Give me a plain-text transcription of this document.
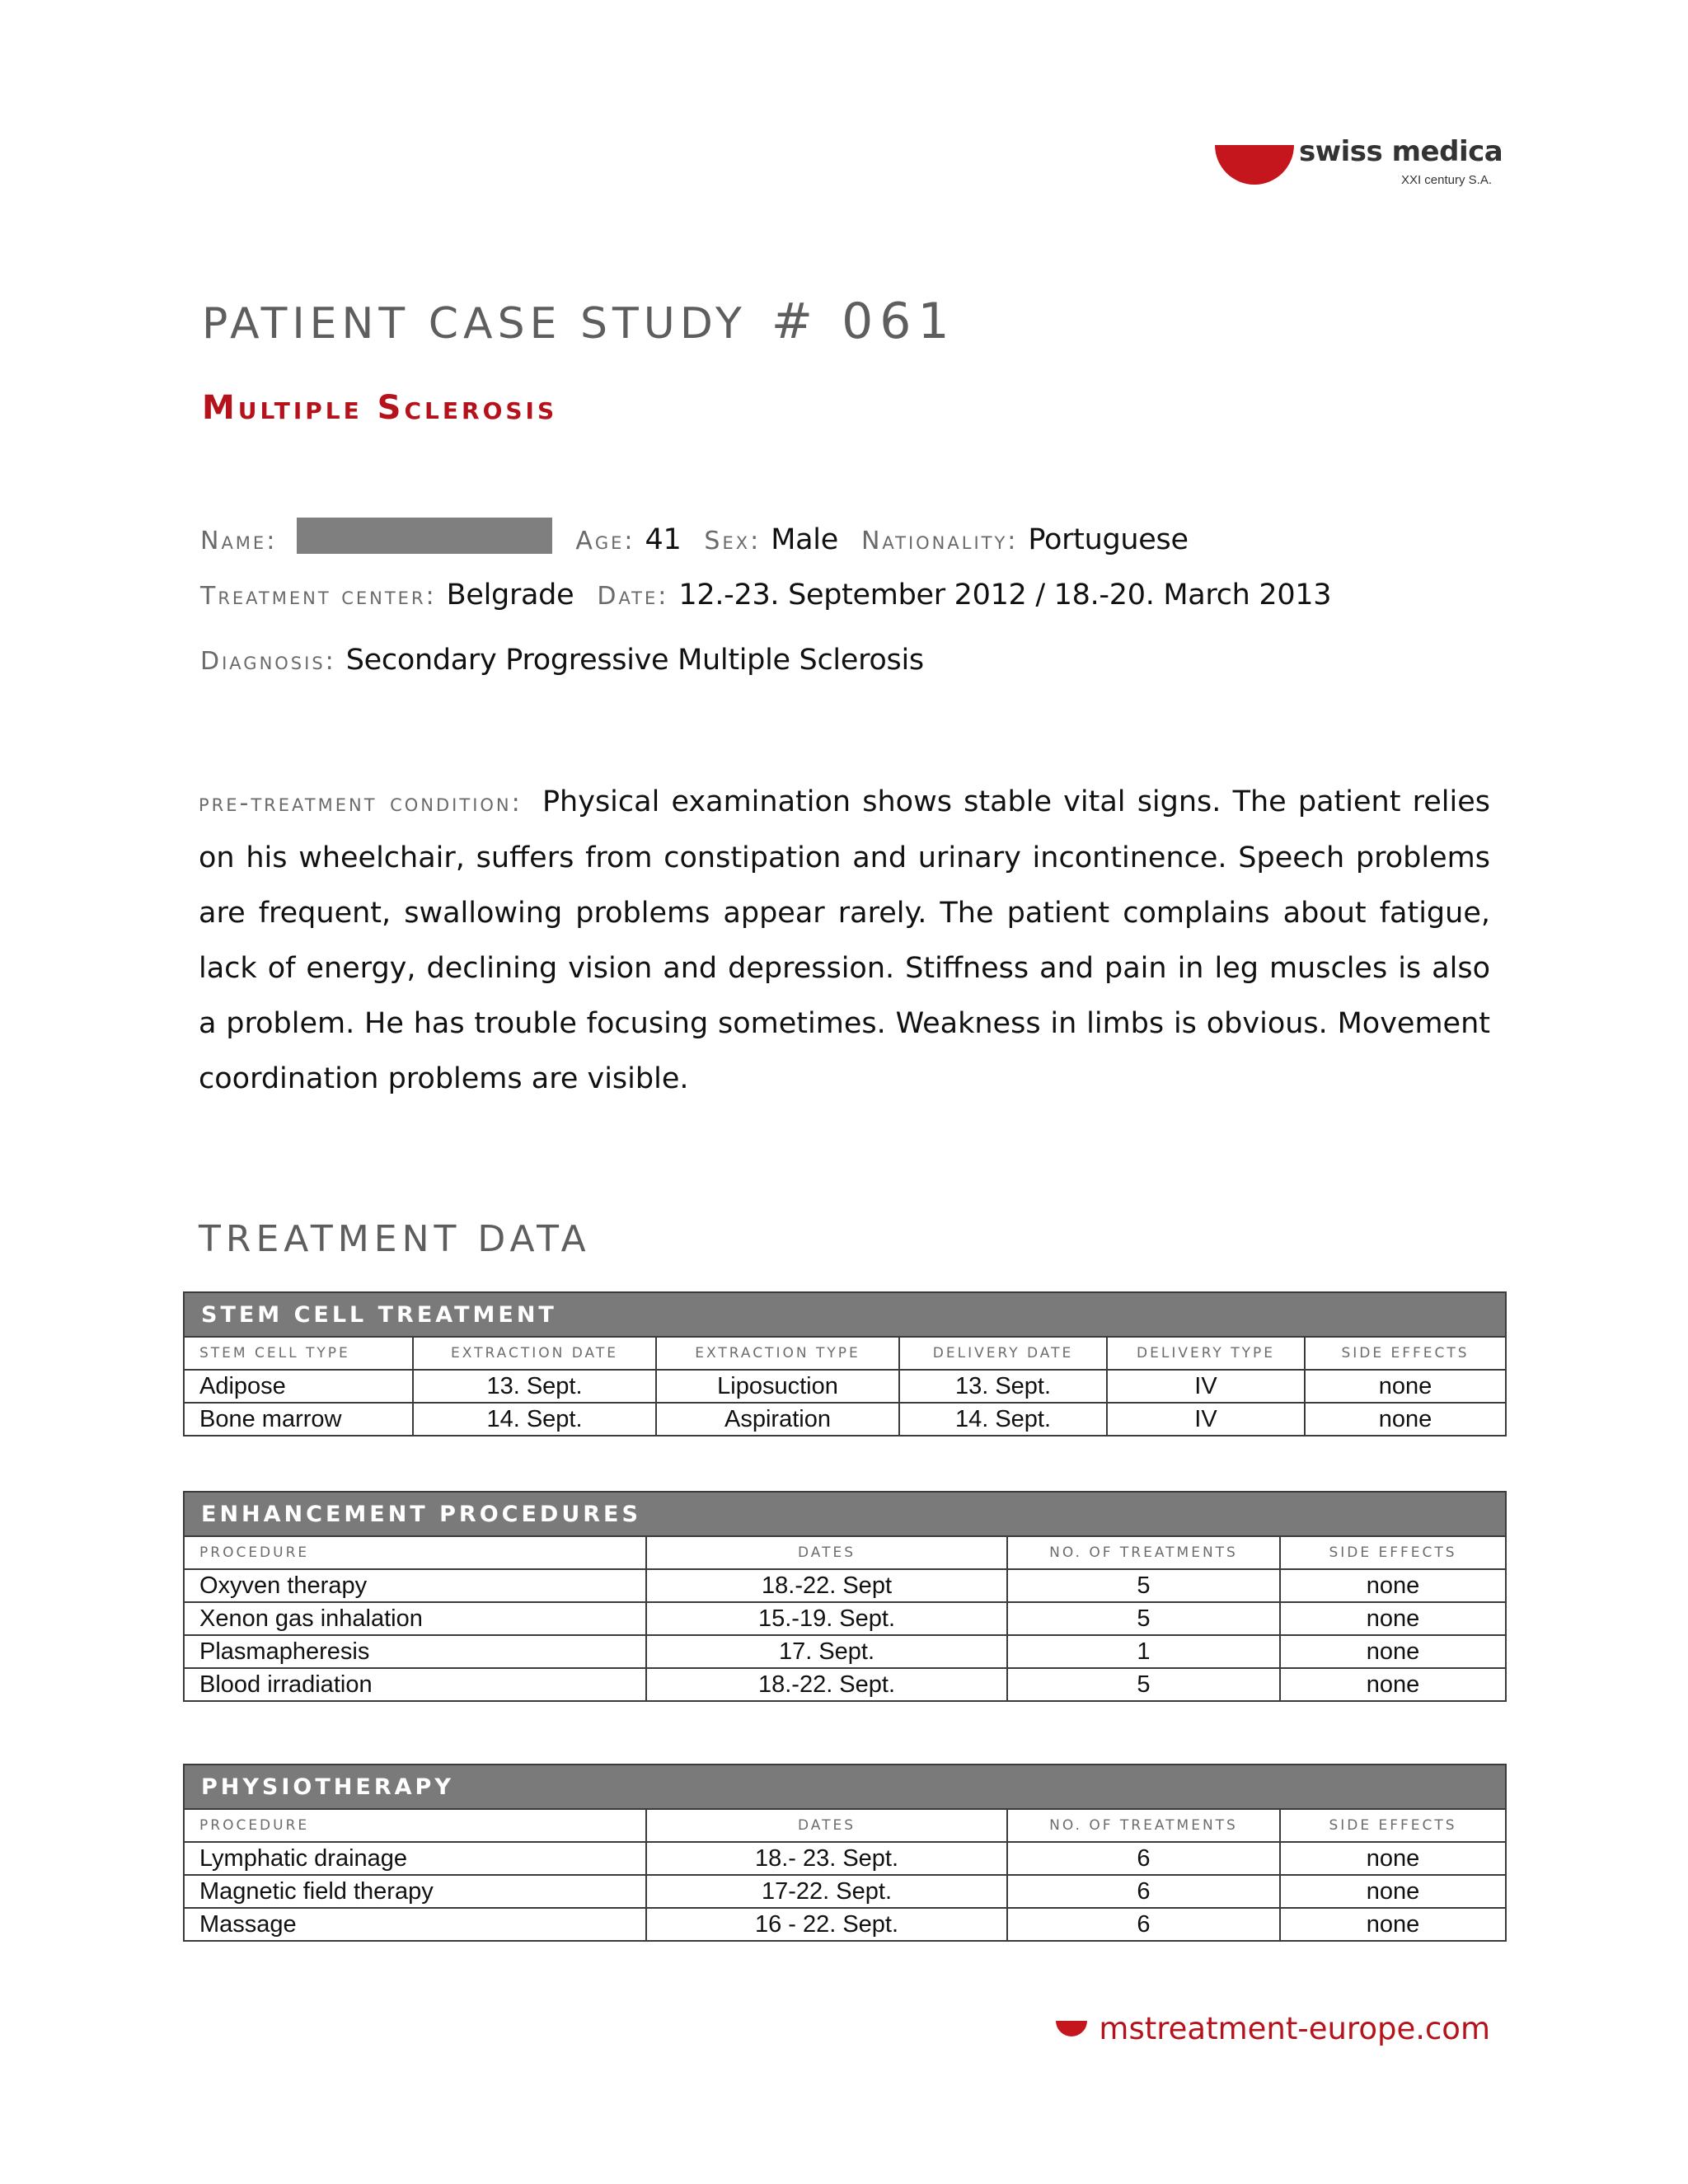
swiss medica
XXI century S.A.
PATIENT CASE STUDY # 061
Multiple Sclerosis
Name:	Age: 41 Sex: Male Nationality: Portuguese
Treatment center: Belgrade Date: 12.-23. September 2012 / 18.-20. March 2013
Diagnosis: Secondary Progressive Multiple Sclerosis
pre-treatment condition: Physical examination shows stable vital signs. The patient relies on his wheelchair, suffers from constipation and urinary incontinence. Speech problems are frequent, swallowing problems appear rarely. The patient complains about fatigue, lack of energy, declining vision and depression. Stiffness and pain in leg muscles is also a problem. He has trouble focusing sometimes. Weakness in limbs is obvious. Movement coordination problems are visible.
TREATMENT DATA
STEM CELL TREATMENT					
STEM CELL TYPE	EXTRACTION DATE	EXTRACTION TYPE	DELIVERY DATE	DELIVERY TYPE	SIDE EFFECTS
Adipose	13. Sept.	Liposuction	13. Sept.	IV	none
Bone marrow	14. Sept.	Aspiration	14. Sept.	IV	none
ENHANCEMENT PROCEDURES			
PROCEDURE	DATES	NO. OF TREATMENTS	SIDE EFFECTS
Oxyven therapy	18.-22. Sept	5	none
Xenon gas inhalation	15.-19. Sept.	5	none
Plasmapheresis	17. Sept.	1	none
Blood irradiation	18.-22. Sept.	5	none
PHYSIOTHERAPY			
PROCEDURE	DATES	NO. OF TREATMENTS	SIDE EFFECTS
Lymphatic drainage	18.- 23. Sept.	6	none
Magnetic field therapy	17-22. Sept.	6	none
Massage	16 - 22. Sept.	6	none
mstreatment-europe.com
